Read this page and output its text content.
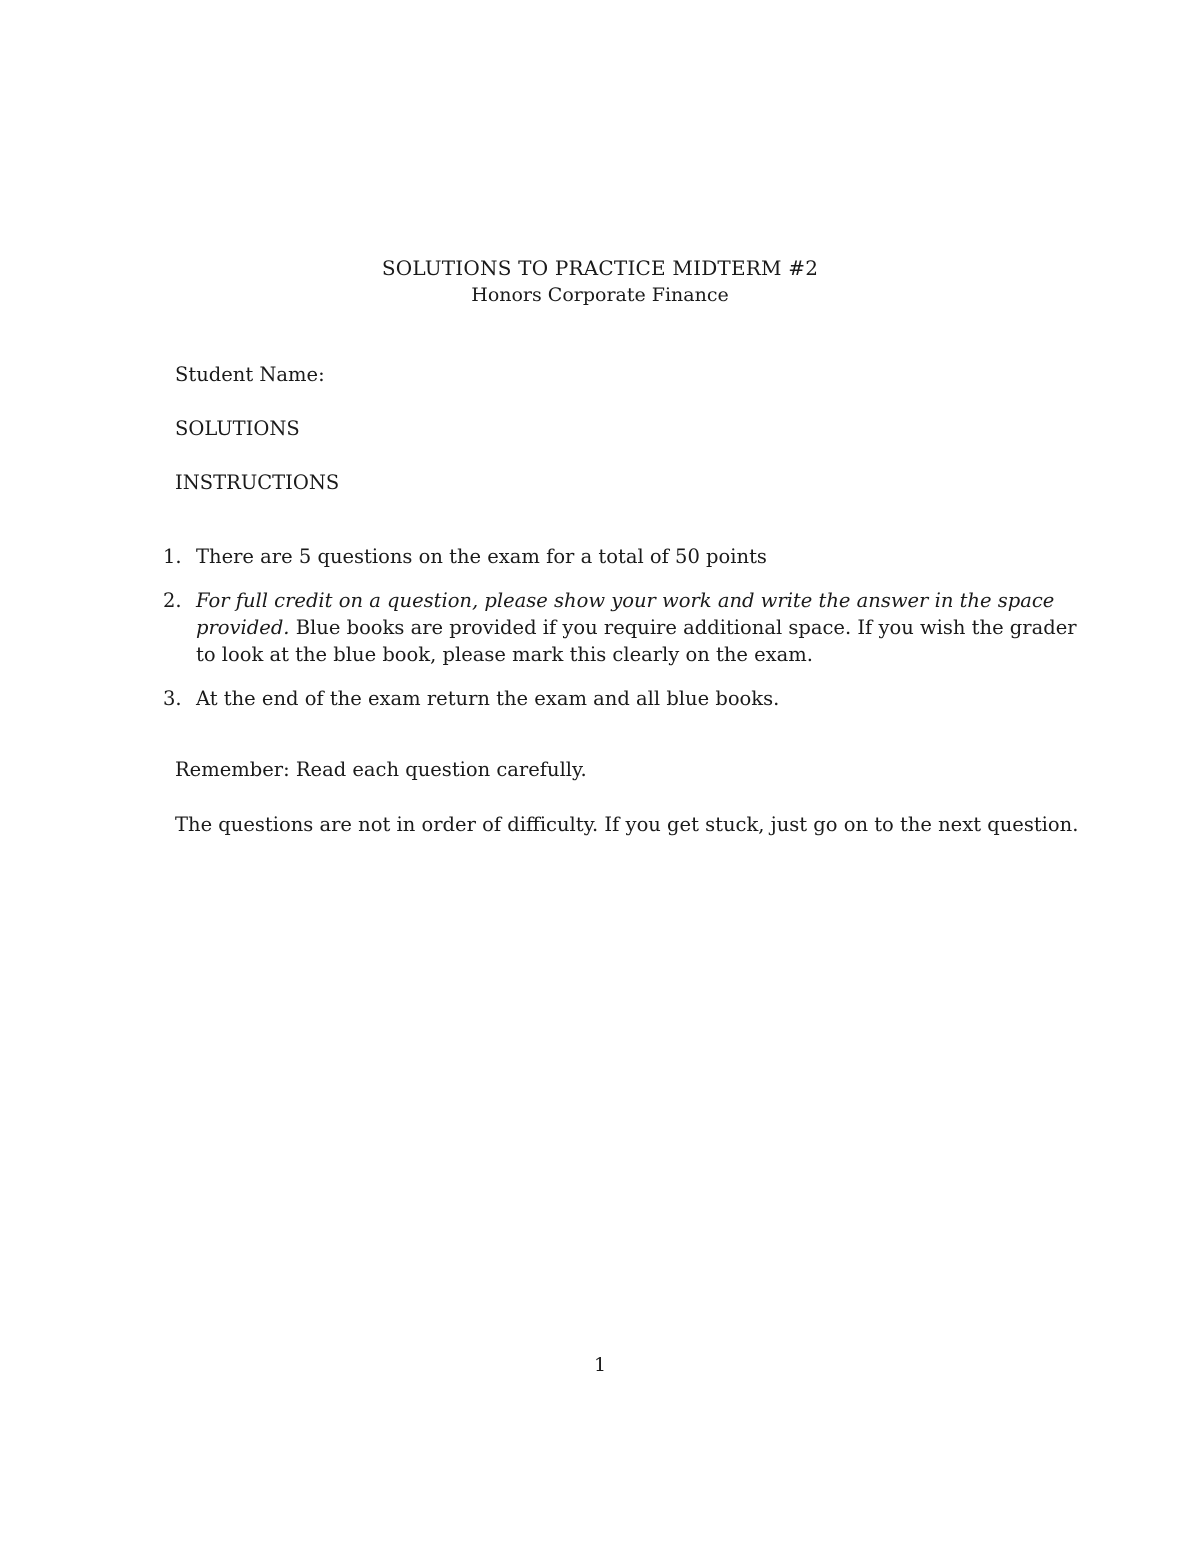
SOLUTIONS TO PRACTICE MIDTERM #2
Honors Corporate Finance
Student Name:
SOLUTIONS
INSTRUCTIONS
1. There are 5 questions on the exam for a total of 50 points
2. For full credit on a question, please show your work and write the answer in the space provided. Blue books are provided if you require additional space. If you wish the grader to look at the blue book, please mark this clearly on the exam.
3. At the end of the exam return the exam and all blue books.
Remember: Read each question carefully.
The questions are not in order of difficulty. If you get stuck, just go on to the next question.
1
